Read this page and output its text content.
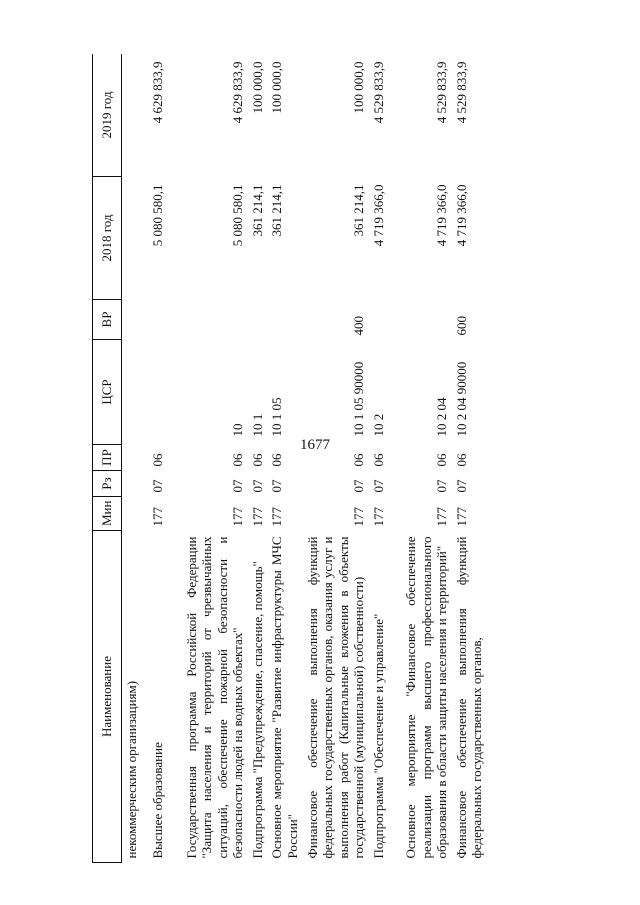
1677
Наименование	Мин	Рз	ПР	ЦСР	ВР	2018 год	2019 год
некоммерческим организациям)							
Высшее образование	177	07	06			5 080 580,1	4 629 833,9
Государственная программа Российской Федерации "Защита населения и территорий от чрезвычайных ситуаций, обеспечение пожарной безопасности и безопасности людей на водных объектах"	177	07	06	10		5 080 580,1	4 629 833,9
Подпрограмма "Предупреждение, спасение, помощь"	177	07	06	10 1		361 214,1	100 000,0
Основное мероприятие "Развитие инфраструктуры МЧС России"	177	07	06	10 1 05		361 214,1	100 000,0
Финансовое обеспечение выполнения функций федеральных государственных органов, оказания услуг и выполнения работ (Капитальные вложения в объекты государственной (муниципальной) собственности)	177	07	06	10 1 05 90000	400	361 214,1	100 000,0
Подпрограмма "Обеспечение и управление"	177	07	06	10 2		4 719 366,0	4 529 833,9
Основное мероприятие "Финансовое обеспечение реализации программ высшего профессионального образования в области защиты населения и территорий"	177	07	06	10 2 04		4 719 366,0	4 529 833,9
Финансовое обеспечение выполнения функций федеральных государственных органов,	177	07	06	10 2 04 90000	600	4 719 366,0	4 529 833,9
